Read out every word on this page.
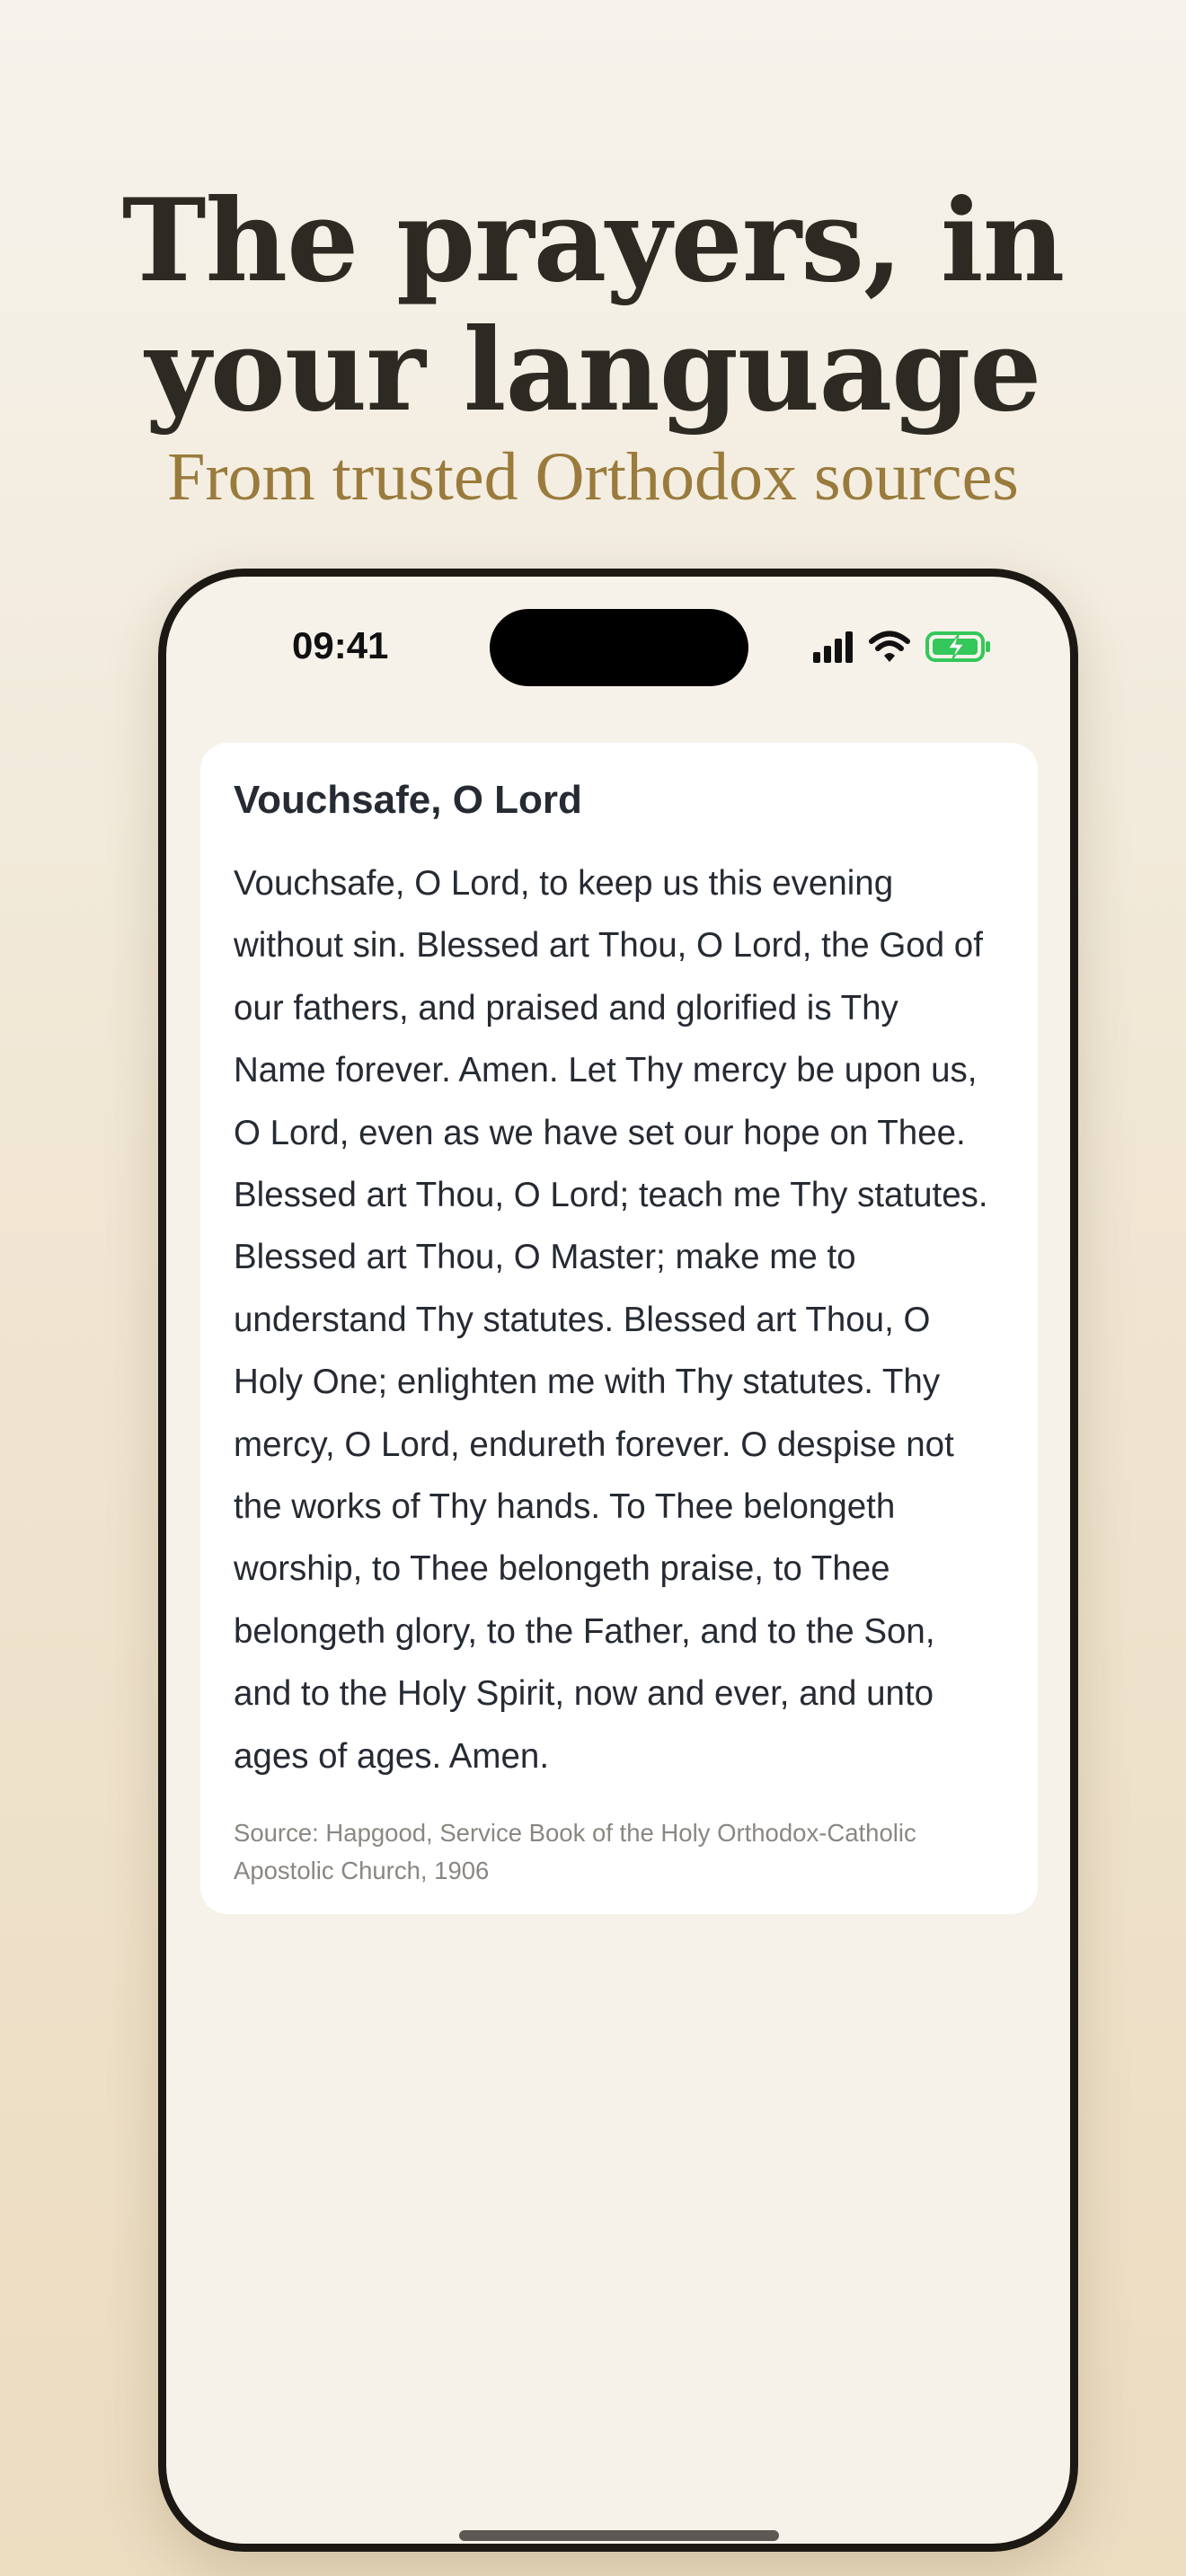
The prayers, in
your language
From trusted Orthodox sources
09:41
Vouchsafe, O Lord
Vouchsafe, O Lord, to keep us this evening
without sin. Blessed art Thou, O Lord, the God of
our fathers, and praised and glorified is Thy
Name forever. Amen. Let Thy mercy be upon us,
O Lord, even as we have set our hope on Thee.
Blessed art Thou, O Lord; teach me Thy statutes.
Blessed art Thou, O Master; make me to
understand Thy statutes. Blessed art Thou, O
Holy One; enlighten me with Thy statutes. Thy
mercy, O Lord, endureth forever. O despise not
the works of Thy hands. To Thee belongeth
worship, to Thee belongeth praise, to Thee
belongeth glory, to the Father, and to the Son,
and to the Holy Spirit, now and ever, and unto
ages of ages. Amen.
Source: Hapgood, Service Book of the Holy Orthodox-Catholic
Apostolic Church, 1906
